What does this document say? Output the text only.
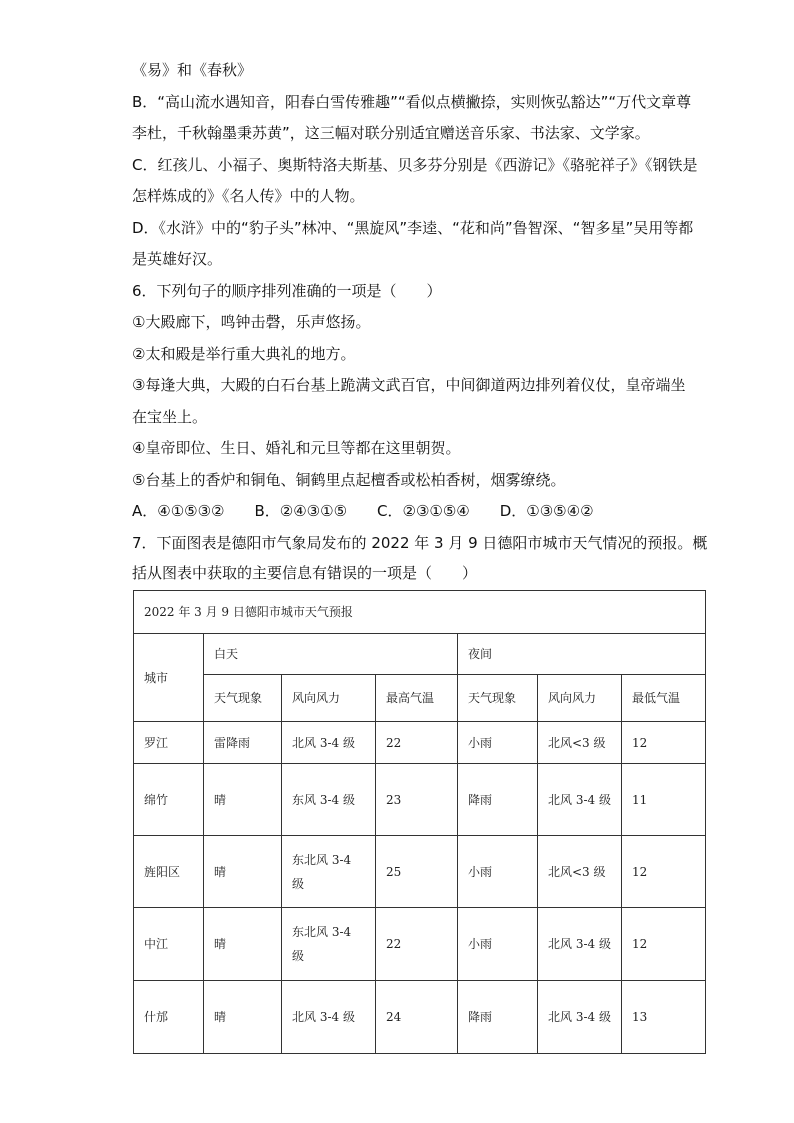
《易》和《春秋》
B．“高山流水遇知音，阳春白雪传雅趣”“看似点横撇捺，实则恢弘豁达”“万代文章尊
李杜，千秋翰墨秉苏黄”，这三幅对联分别适宜赠送音乐家、书法家、文学家。
C．红孩儿、小福子、奥斯特洛夫斯基、贝多芬分别是《西游记》《骆驼祥子》《钢铁是
怎样炼成的》《名人传》中的人物。
D．《水浒》中的“豹子头”林冲、“黑旋风”李逵、“花和尚”鲁智深、“智多星”吴用等都
是英雄好汉。
6．下列句子的顺序排列准确的一项是（　　）
①大殿廊下，鸣钟击磬，乐声悠扬。
②太和殿是举行重大典礼的地方。
③每逢大典，大殿的白石台基上跪满文武百官，中间御道两边排列着仪仗，皇帝端坐
在宝坐上。
④皇帝即位、生日、婚礼和元旦等都在这里朝贺。
⑤台基上的香炉和铜龟、铜鹤里点起檀香或松柏香树，烟雾缭绕。
A．④①⑤③②　　B．②④③①⑤　　C．②③①⑤④　　D．①③⑤④②
7．下面图表是德阳市气象局发布的 2022 年 3 月 9 日德阳市城市天气情况的预报。概
括从图表中获取的主要信息有错误的一项是（　　）
2022 年 3 月 9 日德阳市城市天气预报						
城市	白天			夜间		
	天气现象	风向风力	最高气温	天气现象	风向风力	最低气温
罗江	雷降雨	北风 3-4 级	22	小雨	北风<3 级	12
绵竹	晴	东风 3-4 级	23	降雨	北风 3-4 级	11
旌阳区	晴	东北风 3-4 级	25	小雨	北风<3 级	12
中江	晴	东北风 3-4 级	22	小雨	北风 3-4 级	12
什邡	晴	北风 3-4 级	24	降雨	北风 3-4 级	13
